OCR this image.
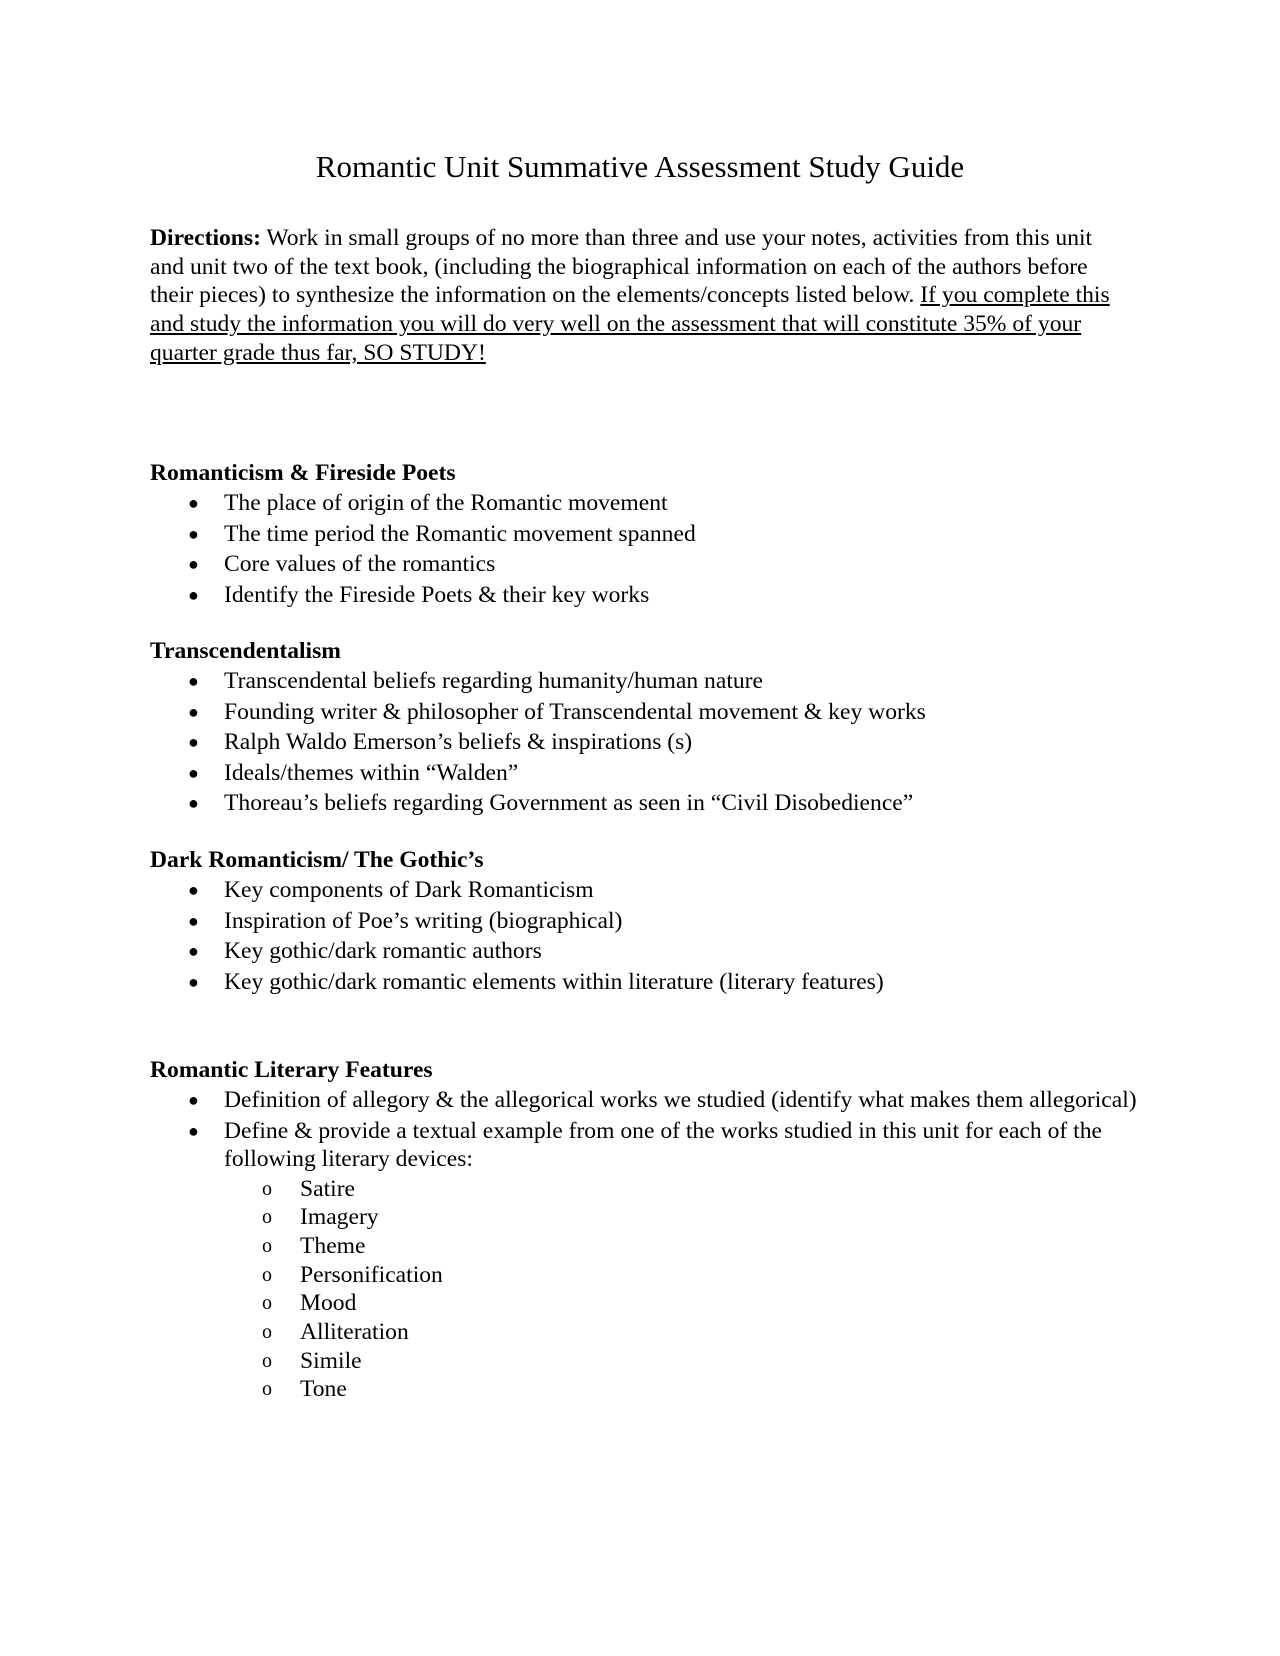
Romantic Unit Summative Assessment Study Guide

Directions: Work in small groups of no more than three and use your notes, activities from this unit and unit two of the text book, (including the biographical information on each of the authors before their pieces) to synthesize the information on the elements/concepts listed below. If you complete this and study the information you will do very well on the assessment that will constitute 35% of your quarter grade thus far, SO STUDY!

Romanticism & Fireside Poets
● The place of origin of the Romantic movement
● The time period the Romantic movement spanned
● Core values of the romantics
● Identify the Fireside Poets & their key works
Transcendentalism
● Transcendental beliefs regarding humanity/human nature
● Founding writer & philosopher of Transcendental movement & key works
● Ralph Waldo Emerson’s beliefs & inspirations (s)
● Ideals/themes within “Walden”
● Thoreau’s beliefs regarding Government as seen in “Civil Disobedience”
Dark Romanticism/ The Gothic’s
● Key components of Dark Romanticism
● Inspiration of Poe’s writing (biographical)
● Key gothic/dark romantic authors
● Key gothic/dark romantic elements within literature (literary features)
Romantic Literary Features
● Definition of allegory & the allegorical works we studied (identify what makes them allegorical)
● Define & provide a textual example from one of the works studied in this unit for each of the following literary devices:
o Satire
o Imagery
o Theme
o Personification
o Mood
o Alliteration
o Simile
o Tone
